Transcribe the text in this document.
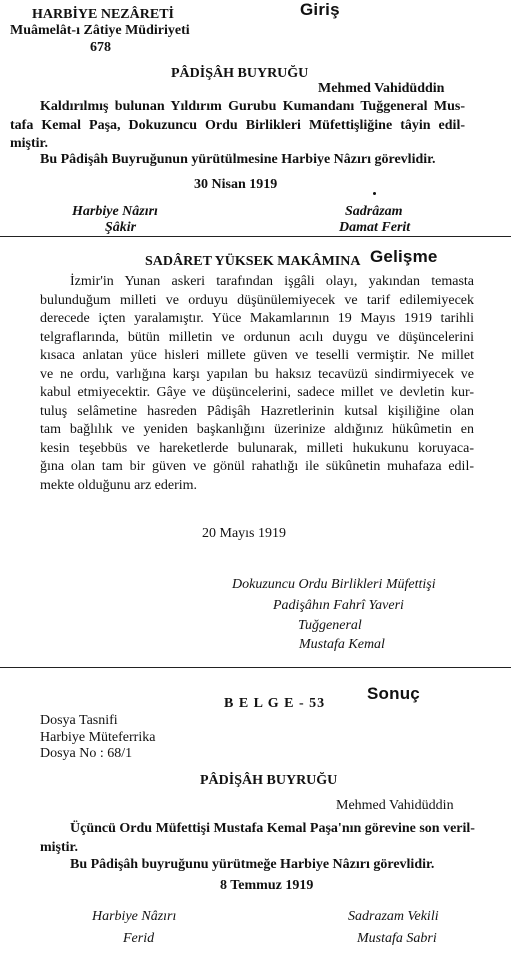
HARBİYE NEZÂRETİ
Muâmelât-ı Zâtiye Müdiriyeti
678
Giriş
PÂDİŞÂH BUYRUĞU
Mehmed Vahidüddin
Kaldırılmış bulunan Yıldırım Gurubu Kumandanı Tuğgeneral Mus-
tafa Kemal Paşa, Dokuzuncu Ordu Birlikleri Müfettişliğine tâyin edil-
miştir.
Bu Pâdişâh Buyruğunun yürütülmesine Harbiye Nâzırı görevlidir.
30 Nisan 1919
Harbiye Nâzırı
Şâkir
Sadrâzam
Damat Ferit
SADÂRET YÜKSEK MAKÂMINA Gelişme
İzmir'in Yunan askeri tarafından işgâli olayı, yakından temasta
bulunduğum milleti ve orduyu düşünülemiyecek ve tarif edilemiyecek
derecede içten yaralamıştır. Yüce Makamlarının 19 Mayıs 1919 tarihli
telgraflarında, bütün milletin ve ordunun acılı duygu ve düşüncelerini
kısaca anlatan yüce hisleri millete güven ve teselli vermiştir. Ne millet
ve ne ordu, varlığına karşı yapılan bu haksız tecavüzü sindirmiyecek ve
kabul etmiyecektir. Gâye ve düşüncelerini, sadece millet ve devletin kur-
tuluş selâmetine hasreden Pâdişâh Hazretlerinin kutsal kişiliğine olan
tam bağlılık ve yeniden başkanlığını üzerinize aldığınız hükûmetin en
kesin teşebbüs ve hareketlerde bulunarak, milleti hukukunu koruyaca-
ğına olan tam bir güven ve gönül rahatlığı ile sükûnetin muhafaza edil-
mekte olduğunu arz ederim.
20 Mayıs 1919
Dokuzuncu Ordu Birlikleri Müfettişi
Padişâhın Fahrî Yaveri
Tuğgeneral
Mustafa Kemal
B E L G E - 53
Sonuç
Dosya Tasnifi
Harbiye Müteferrika
Dosya No : 68/1
PÂDİŞÂH BUYRUĞU
Mehmed Vahidüddin
Üçüncü Ordu Müfettişi Mustafa Kemal Paşa'nın görevine son veril-
miştir.
Bu Pâdişâh buyruğunu yürütmeğe Harbiye Nâzırı görevlidir.
8 Temmuz 1919
Harbiye Nâzırı
Ferid
Sadrazam Vekili
Mustafa Sabri
